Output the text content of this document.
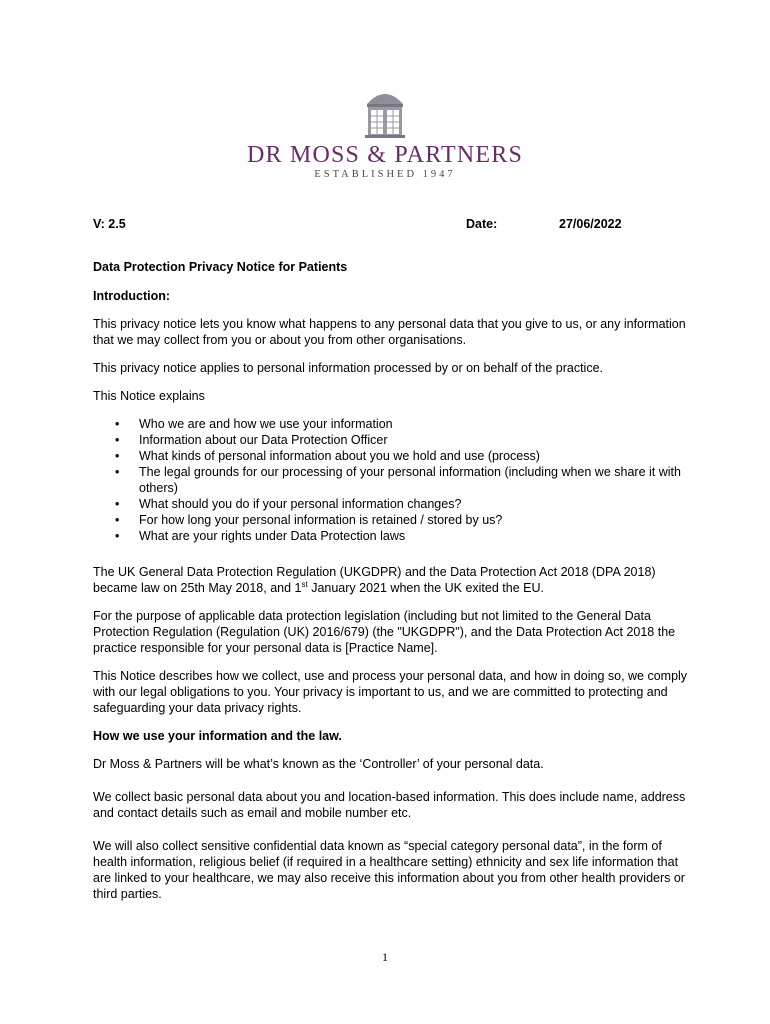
DR MOSS & PARTNERS
ESTABLISHED 1947
V: 2.5	Date:	27/06/2022

Data Protection Privacy Notice for Patients

Introduction:

This privacy notice lets you know what happens to any personal data that you give to us, or any information that we may collect from you or about you from other organisations.

This privacy notice applies to personal information processed by or on behalf of the practice.

This Notice explains

• Who we are and how we use your information
• Information about our Data Protection Officer
• What kinds of personal information about you we hold and use (process)
• The legal grounds for our processing of your personal information (including when we share it with others)
• What should you do if your personal information changes?
• For how long your personal information is retained / stored by us?
• What are your rights under Data Protection laws

The UK General Data Protection Regulation (UKGDPR) and the Data Protection Act 2018 (DPA 2018) became law on 25th May 2018, and 1st January 2021 when the UK exited the EU.

For the purpose of applicable data protection legislation (including but not limited to the General Data Protection Regulation (Regulation (UK) 2016/679) (the "UKGDPR"), and the Data Protection Act 2018 the practice responsible for your personal data is [Practice Name].

This Notice describes how we collect, use and process your personal data, and how in doing so, we comply with our legal obligations to you. Your privacy is important to us, and we are committed to protecting and safeguarding your data privacy rights.

How we use your information and the law.

Dr Moss & Partners will be what’s known as the ‘Controller’ of your personal data.

We collect basic personal data about you and location-based information. This does include name, address and contact details such as email and mobile number etc.

We will also collect sensitive confidential data known as “special category personal data”, in the form of health information, religious belief (if required in a healthcare setting) ethnicity and sex life information that are linked to your healthcare, we may also receive this information about you from other health providers or third parties.

1
